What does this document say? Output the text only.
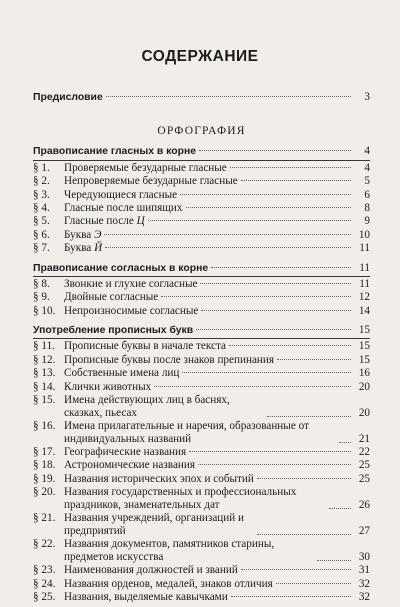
СОДЕРЖАНИЕ
Предисловие	3
ОРФОГРАФИЯ
Правописание гласных в корне	4
§ 1.	Проверяемые безударные гласные	4
§ 2.	Непроверяемые безударные гласные	5
§ 3.	Чередующиеся гласные	6
§ 4.	Гласные после шипящих	8
§ 5.	Гласные после Ц	9
§ 6.	Буква Э	10
§ 7.	Буква Й	11
Правописание согласных в корне	11
§ 8.	Звонкие и глухие согласные	11
§ 9.	Двойные согласные	12
§ 10. Непроизносимые согласные	14
Употребление прописных букв	15
§ 11. Прописные буквы в начале текста	15
§ 12. Прописные буквы после знаков препинания	15
§ 13. Собственные имена лиц	16
§ 14. Клички животных	20
§ 15. Имена действующих лиц в баснях, сказках, пьесах	20
§ 16. Имена прилагательные и наречия, образованные от индивидуальных названий	21
§ 17. Географические названия	22
§ 18. Астрономические названия	25
§ 19. Названия исторических эпох и событий	25
§ 20. Названия государственных и профессиональных праздников, знаменательных дат	26
§ 21. Названия учреждений, организаций и предприятий	27
§ 22. Названия документов, памятников старины, предметов искусства	30
§ 23. Наименования должностей и званий	31
§ 24. Названия орденов, медалей, знаков отличия	32
§ 25. Названия, выделяемые кавычками	32
